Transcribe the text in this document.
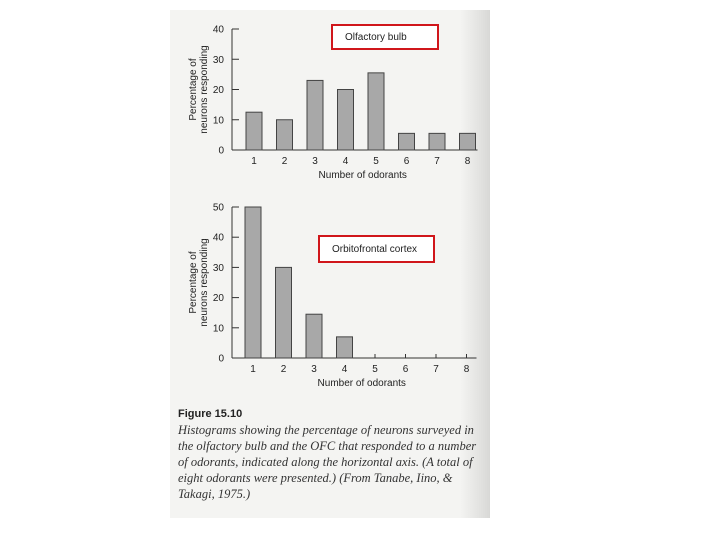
0
10
20
30
40
1 2 3 4 5 6 7 8
Number of odorants
Percentage of neurons responding
0
10
20
30
40
50
1 2 3 4 5 6 7 8
Number of odorants
Percentage of neurons responding
Olfactory bulb
Orbitofrontal cortex

Figure 15.10

Histograms showing the percentage of neurons surveyed in the olfactory bulb and the OFC that responded to a number of odorants, indicated along the horizontal axis. (A total of eight odorants were presented.) (From Tanabe, Iino, & Takagi, 1975.)
